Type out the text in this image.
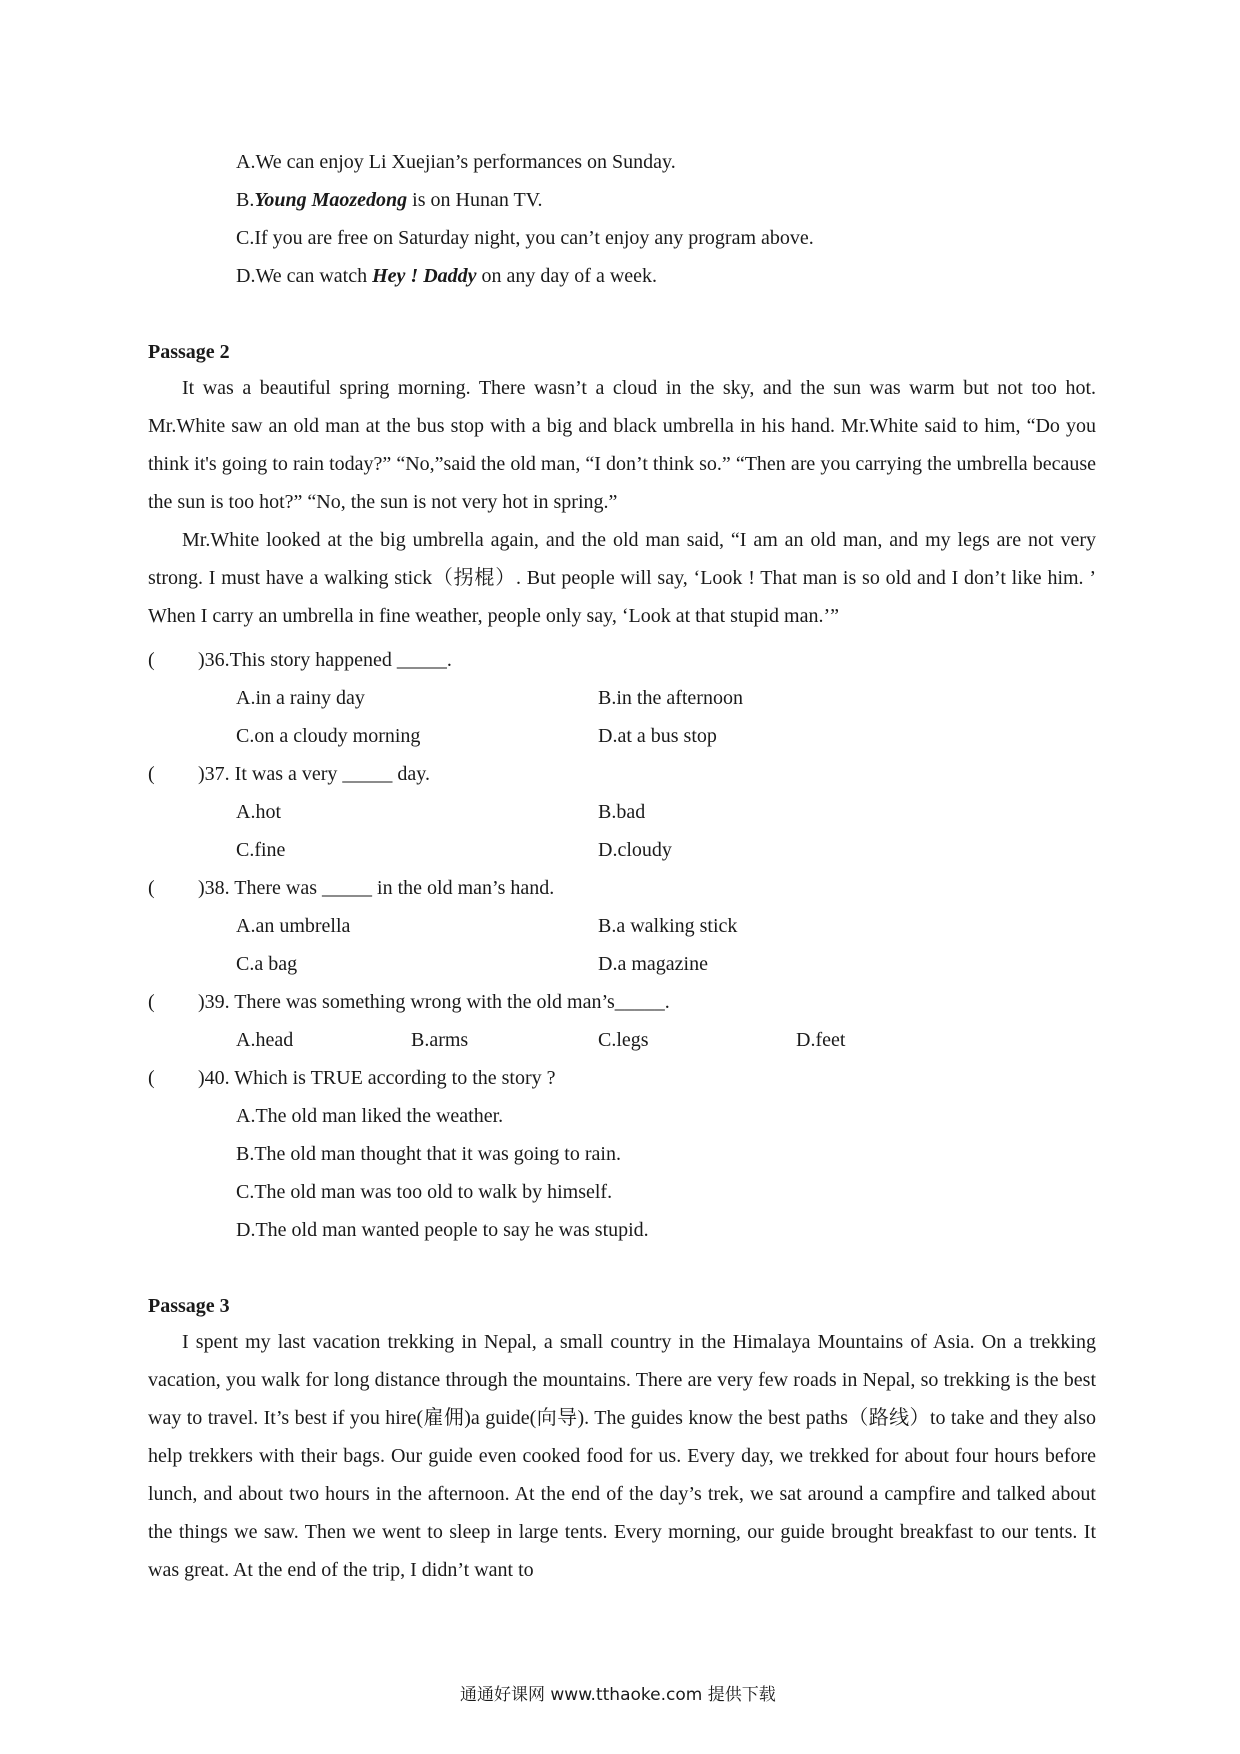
A.We can enjoy Li Xuejian’s performances on Sunday.
B.Young Maozedong is on Hunan TV.
C.If you are free on Saturday night, you can’t enjoy any program above.
D.We can watch Hey ! Daddy on any day of a week.
Passage 2

It was a beautiful spring morning. There wasn’t a cloud in the sky, and the sun was warm but not too hot. Mr.White saw an old man at the bus stop with a big and black umbrella in his hand. Mr.White said to him, “Do you think it's going to rain today?” “No,”said the old man, “I don’t think so.” “Then are you carrying the umbrella because the sun is too hot?” “No, the sun is not very hot in spring.”

Mr.White looked at the big umbrella again, and the old man said, “I am an old man, and my legs are not very strong. I must have a walking stick（拐棍）. But people will say, ‘Look ! That man is so old and I don’t like him. ’ When I carry an umbrella in fine weather, people only say, ‘Look at that stupid man.’”

( )36.This story happened _____.
A.in a rainy day	B.in the afternoon
C.on a cloudy morning	D.at a bus stop
( )37. It was a very _____ day.
A.hot	B.bad
C.fine	D.cloudy
( )38. There was _____ in the old man’s hand.
A.an umbrella	B.a walking stick
C.a bag	D.a magazine
( )39. There was something wrong with the old man’s_____.
A.head	B.arms	C.legs	D.feet
( )40. Which is TRUE according to the story ?
A.The old man liked the weather.
B.The old man thought that it was going to rain.
C.The old man was too old to walk by himself.
D.The old man wanted people to say he was stupid.
Passage 3

I spent my last vacation trekking in Nepal, a small country in the Himalaya Mountains of Asia. On a trekking vacation, you walk for long distance through the mountains. There are very few roads in Nepal, so trekking is the best way to travel. It’s best if you hire(雇佣)a guide(向导). The guides know the best paths（路线）to take and they also help trekkers with their bags. Our guide even cooked food for us. Every day, we trekked for about four hours before lunch, and about two hours in the afternoon. At the end of the day’s trek, we sat around a campfire and talked about the things we saw. Then we went to sleep in large tents. Every morning, our guide brought breakfast to our tents. It was great. At the end of the trip, I didn’t want to

通通好课网 www.tthaoke.com 提供下载
